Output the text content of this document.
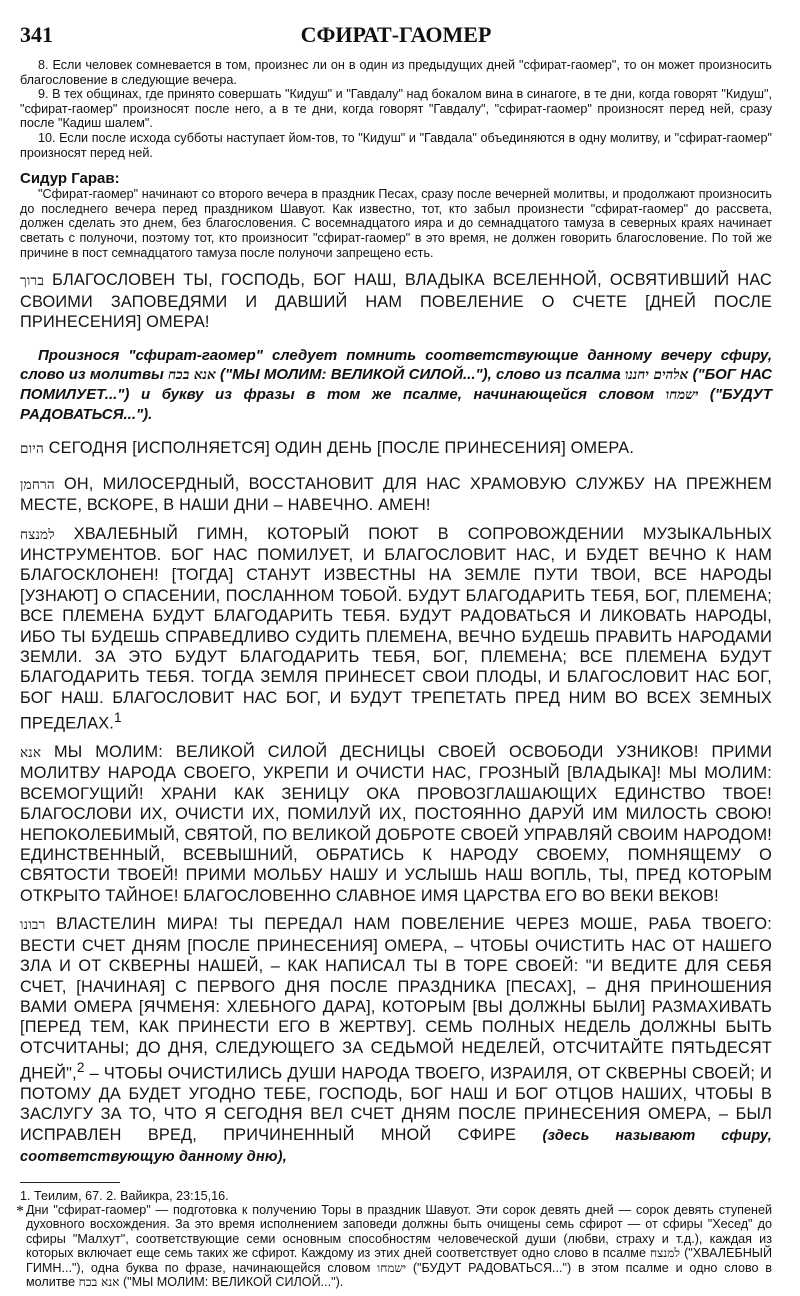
341	СФИРАТ-ГАОМЕР

8. Если человек сомневается в том, произнес ли он в один из предыдущих дней "сфират-гаомер", то он может произносить благословение в следующие вечера.

9. В тех общинах, где принято совершать "Кидуш" и "Гавдалу" над бокалом вина в синагоге, в те дни, когда говорят "Кидуш", "сфират-гаомер" произносят после него, а в те дни, когда говорят "Гавдалу", "сфират-гаомер" произносят перед ней, сразу после "Кадиш шалем".

10. Если после исхода субботы наступает йом-тов, то "Кидуш" и "Гавдала" объединяются в одну молитву, и "сфират-гаомер" произносят перед ней.

Сидур Гарав:

"Сфират-гаомер" начинают со второго вечера в праздник Песах, сразу после вечерней молитвы, и продолжают произносить до последнего вечера перед праздником Шавуот. Как известно, тот, кто забыл произнести "сфират-гаомер" до рассвета, должен сделать это днем, без благословения. С восемнадцатого ияра и до семнадцатого тамуза в северных краях начинает светать с полуночи, поэтому тот, кто произносит "сфират-гаомер" в это время, не должен говорить благословение. По той же причине в пост семнадцатого тамуза после полуночи запрещено есть.

ברוך БЛАГОСЛОВЕН ТЫ, ГОСПОДЬ, БОГ НАШ, ВЛАДЫКА ВСЕЛЕННОЙ, ОСВЯТИВШИЙ НАС СВОИМИ ЗАПОВЕДЯМИ И ДАВШИЙ НАМ ПОВЕЛЕНИЕ О СЧЕТЕ [ДНЕЙ ПОСЛЕ ПРИНЕСЕНИЯ] ОМЕРА!

Произнося "сфират-гаомер" следует помнить соответствующие данному вечеру сфиру, слово из молитвы אנא בכח ("МЫ МОЛИМ: ВЕЛИКОЙ СИЛОЙ..."), слово из псалма אלהים יחננו ("БОГ НАС ПОМИЛУЕТ...") и букву из фразы в том же псалме, начинающейся словом ישמחו ("БУДУТ РАДОВАТЬСЯ...").

היום СЕГОДНЯ [ИСПОЛНЯЕТСЯ] ОДИН ДЕНЬ [ПОСЛЕ ПРИНЕСЕНИЯ] ОМЕРА.

הרחמן ОН, МИЛОСЕРДНЫЙ, ВОССТАНОВИТ ДЛЯ НАС ХРАМОВУЮ СЛУЖБУ НА ПРЕЖНЕМ МЕСТЕ, ВСКОРЕ, В НАШИ ДНИ – НАВЕЧНО. АМЕН!

למנצח ХВАЛЕБНЫЙ ГИМН, КОТОРЫЙ ПОЮТ В СОПРОВОЖДЕНИИ МУЗЫКАЛЬНЫХ ИНСТРУМЕНТОВ. БОГ НАС ПОМИЛУЕТ, И БЛАГОСЛОВИТ НАС, И БУДЕТ ВЕЧНО К НАМ БЛАГОСКЛОНЕН! [ТОГДА] СТАНУТ ИЗВЕСТНЫ НА ЗЕМЛЕ ПУТИ ТВОИ, ВСЕ НАРОДЫ [УЗНАЮТ] О СПАСЕНИИ, ПОСЛАННОМ ТОБОЙ. БУДУТ БЛАГОДАРИТЬ ТЕБЯ, БОГ, ПЛЕМЕНА; ВСЕ ПЛЕМЕНА БУДУТ БЛАГОДАРИТЬ ТЕБЯ. БУДУТ РАДОВАТЬСЯ И ЛИКОВАТЬ НАРОДЫ, ИБО ТЫ БУДЕШЬ СПРАВЕДЛИВО СУДИТЬ ПЛЕМЕНА, ВЕЧНО БУДЕШЬ ПРАВИТЬ НАРОДАМИ ЗЕМЛИ. ЗА ЭТО БУДУТ БЛАГОДАРИТЬ ТЕБЯ, БОГ, ПЛЕМЕНА; ВСЕ ПЛЕМЕНА БУДУТ БЛАГОДАРИТЬ ТЕБЯ. ТОГДА ЗЕМЛЯ ПРИНЕСЕТ СВОИ ПЛОДЫ, И БЛАГОСЛОВИТ НАС БОГ, БОГ НАШ. БЛАГОСЛОВИТ НАС БОГ, И БУДУТ ТРЕПЕТАТЬ ПРЕД НИМ ВО ВСЕХ ЗЕМНЫХ ПРЕДЕЛАХ.$^1$

אנא МЫ МОЛИМ: ВЕЛИКОЙ СИЛОЙ ДЕСНИЦЫ СВОЕЙ ОСВОБОДИ УЗНИКОВ! ПРИМИ МОЛИТВУ НАРОДА СВОЕГО, УКРЕПИ И ОЧИСТИ НАС, ГРОЗНЫЙ [ВЛАДЫКА]! МЫ МОЛИМ: ВСЕМОГУЩИЙ! ХРАНИ КАК ЗЕНИЦУ ОКА ПРОВОЗГЛАШАЮЩИХ ЕДИНСТВО ТВОЕ! БЛАГОСЛОВИ ИХ, ОЧИСТИ ИХ, ПОМИЛУЙ ИХ, ПОСТОЯННО ДАРУЙ ИМ МИЛОСТЬ СВОЮ! НЕПОКОЛЕБИМЫЙ, СВЯТОЙ, ПО ВЕЛИКОЙ ДОБРОТЕ СВОЕЙ УПРАВЛЯЙ СВОИМ НАРОДОМ! ЕДИНСТВЕННЫЙ, ВСЕВЫШНИЙ, ОБРАТИСЬ К НАРОДУ СВОЕМУ, ПОМНЯЩЕМУ О СВЯТОСТИ ТВОЕЙ! ПРИМИ МОЛЬБУ НАШУ И УСЛЫШЬ НАШ ВОПЛЬ, ТЫ, ПРЕД КОТОРЫМ ОТКРЫТО ТАЙНОЕ! БЛАГОСЛОВЕННО СЛАВНОЕ ИМЯ ЦАРСТВА ЕГО ВО ВЕКИ ВЕКОВ!

רבונו ВЛАСТЕЛИН МИРА! ТЫ ПЕРЕДАЛ НАМ ПОВЕЛЕНИЕ ЧЕРЕЗ МОШЕ, РАБА ТВОЕГО: ВЕСТИ СЧЕТ ДНЯМ [ПОСЛЕ ПРИНЕСЕНИЯ] ОМЕРА, – ЧТОБЫ ОЧИСТИТЬ НАС ОТ НАШЕГО ЗЛА И ОТ СКВЕРНЫ НАШЕЙ, – КАК НАПИСАЛ ТЫ В ТОРЕ СВОЕЙ: "И ВЕДИТЕ ДЛЯ СЕБЯ СЧЕТ, [НАЧИНАЯ] С ПЕРВОГО ДНЯ ПОСЛЕ ПРАЗДНИКА [ПЕСАХ], – ДНЯ ПРИНОШЕНИЯ ВАМИ ОМЕРА [ЯЧМЕНЯ: ХЛЕБНОГО ДАРА], КОТОРЫМ [ВЫ ДОЛЖНЫ БЫЛИ] РАЗМАХИВАТЬ [ПЕРЕД ТЕМ, КАК ПРИНЕСТИ ЕГО В ЖЕРТВУ]. СЕМЬ ПОЛНЫХ НЕДЕЛЬ ДОЛЖНЫ БЫТЬ ОТСЧИТАНЫ; ДО ДНЯ, СЛЕДУЮЩЕГО ЗА СЕДЬМОЙ НЕДЕЛЕЙ, ОТСЧИТАЙТЕ ПЯТЬДЕСЯТ ДНЕЙ",$^2$ – ЧТОБЫ ОЧИСТИЛИСЬ ДУШИ НАРОДА ТВОЕГО, ИЗРАИЛЯ, ОТ СКВЕРНЫ СВОЕЙ; И ПОТОМУ ДА БУДЕТ УГОДНО ТЕБЕ, ГОСПОДЬ, БОГ НАШ И БОГ ОТЦОВ НАШИХ, ЧТОБЫ В ЗАСЛУГУ ЗА ТО, ЧТО Я СЕГОДНЯ ВЕЛ СЧЕТ ДНЯМ ПОСЛЕ ПРИНЕСЕНИЯ ОМЕРА, – БЫЛ ИСПРАВЛЕН ВРЕД, ПРИЧИНЕННЫЙ МНОЙ СФИРЕ (здесь называют сфиру, соответствующую данному дню),

1. Теилим, 67. 2. Вайикра, 23:15,16.

* Дни "сфират-гаомер" — подготовка к получению Торы в праздник Шавуот. Эти сорок девять дней — сорок девять ступеней духовного восхождения. За это время исполнением заповеди должны быть очищены семь сфирот — от сфиры "Хесед" до сфиры "Малхут", соответствующие семи основным способностям человеческой души (любви, страху и т.д.), каждая из которых включает еще семь таких же сфирот. Каждому из этих дней соответствует одно слово в псалме למנצח ("ХВАЛЕБНЫЙ ГИМН..."), одна буква по фразе, начинающейся словом ישמחו ("БУДУТ РАДОВАТЬСЯ...") в этом псалме и одно слово в молитве אנא בכח ("МЫ МОЛИМ: ВЕЛИКОЙ СИЛОЙ...").
